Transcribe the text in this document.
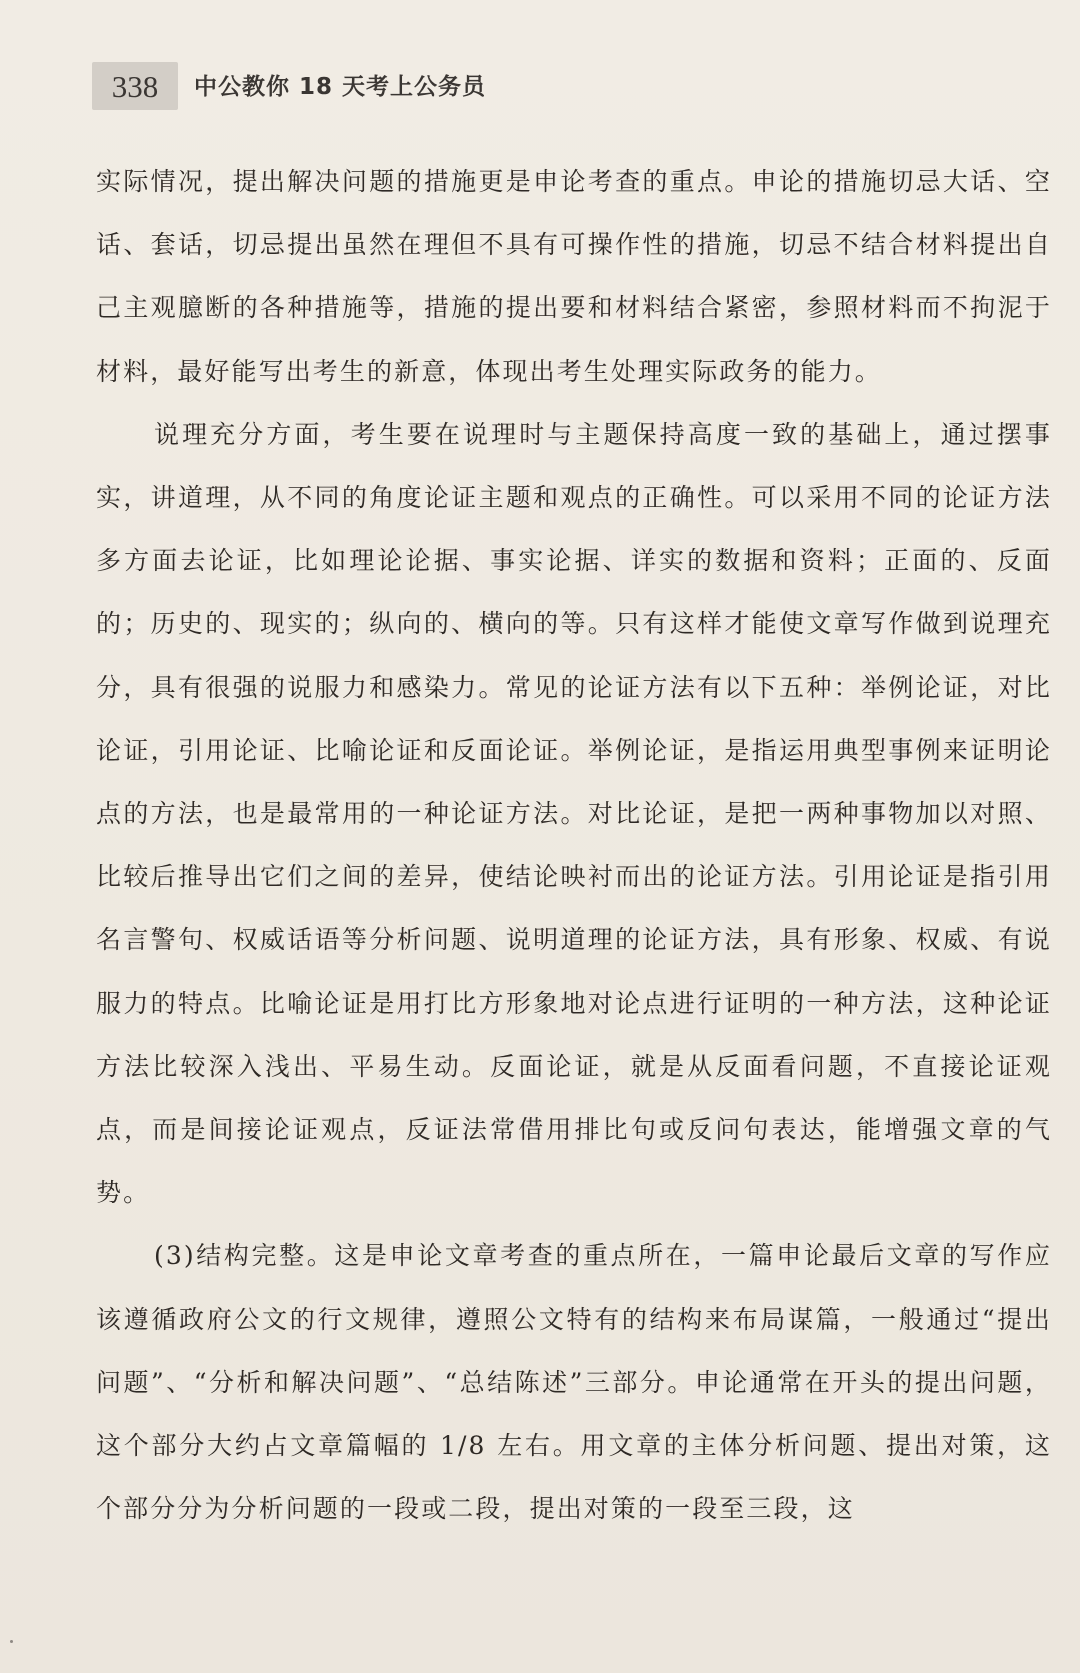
338	中公教你 18 天考上公务员

实际情况，提出解决问题的措施更是申论考查的重点。申论的措施切忌大话、空话、套话，切忌提出虽然在理但不具有可操作性的措施，切忌不结合材料提出自己主观臆断的各种措施等，措施的提出要和材料结合紧密，参照材料而不拘泥于材料，最好能写出考生的新意，体现出考生处理实际政务的能力。

说理充分方面，考生要在说理时与主题保持高度一致的基础上，通过摆事实，讲道理，从不同的角度论证主题和观点的正确性。可以采用不同的论证方法多方面去论证，比如理论论据、事实论据、详实的数据和资料；正面的、反面的；历史的、现实的；纵向的、横向的等。只有这样才能使文章写作做到说理充分，具有很强的说服力和感染力。常见的论证方法有以下五种：举例论证，对比论证，引用论证、比喻论证和反面论证。举例论证，是指运用典型事例来证明论点的方法，也是最常用的一种论证方法。对比论证，是把一两种事物加以对照、比较后推导出它们之间的差异，使结论映衬而出的论证方法。引用论证是指引用名言警句、权威话语等分析问题、说明道理的论证方法，具有形象、权威、有说服力的特点。比喻论证是用打比方形象地对论点进行证明的一种方法，这种论证方法比较深入浅出、平易生动。反面论证，就是从反面看问题，不直接论证观点，而是间接论证观点，反证法常借用排比句或反问句表达，能增强文章的气势。

(3)结构完整。这是申论文章考查的重点所在，一篇申论最后文章的写作应该遵循政府公文的行文规律，遵照公文特有的结构来布局谋篇，一般通过“提出问题”、“分析和解决问题”、“总结陈述”三部分。申论通常在开头的提出问题，这个部分大约占文章篇幅的 1/8 左右。用文章的主体分析问题、提出对策，这个部分分为分析问题的一段或二段，提出对策的一段至三段，这
